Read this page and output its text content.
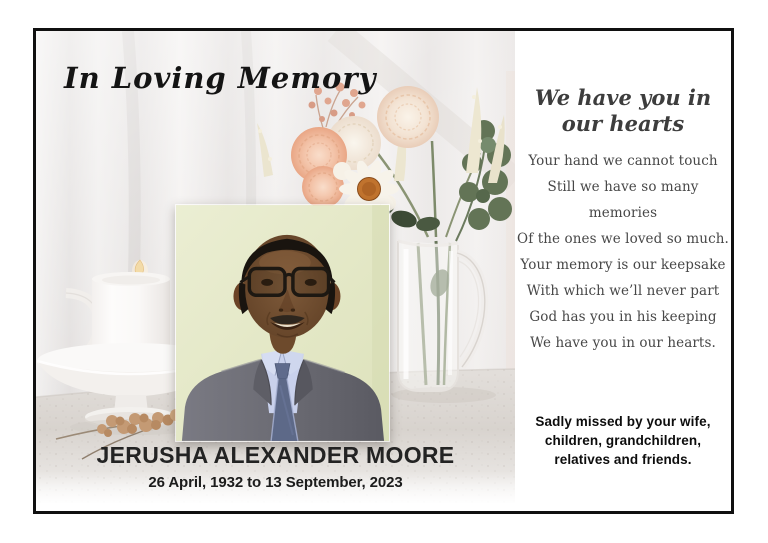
In Loving Memory
JERUSHA ALEXANDER MOORE
26 April, 1932 to 13 September, 2023
We have you in
our hearts
Your hand we cannot touch
Still we have so many memories
Of the ones we loved so much.
Your memory is our keepsake
With which we’ll never part
God has you in his keeping
We have you in our hearts.
Sadly missed by your wife,
children, grandchildren,
relatives and friends.
